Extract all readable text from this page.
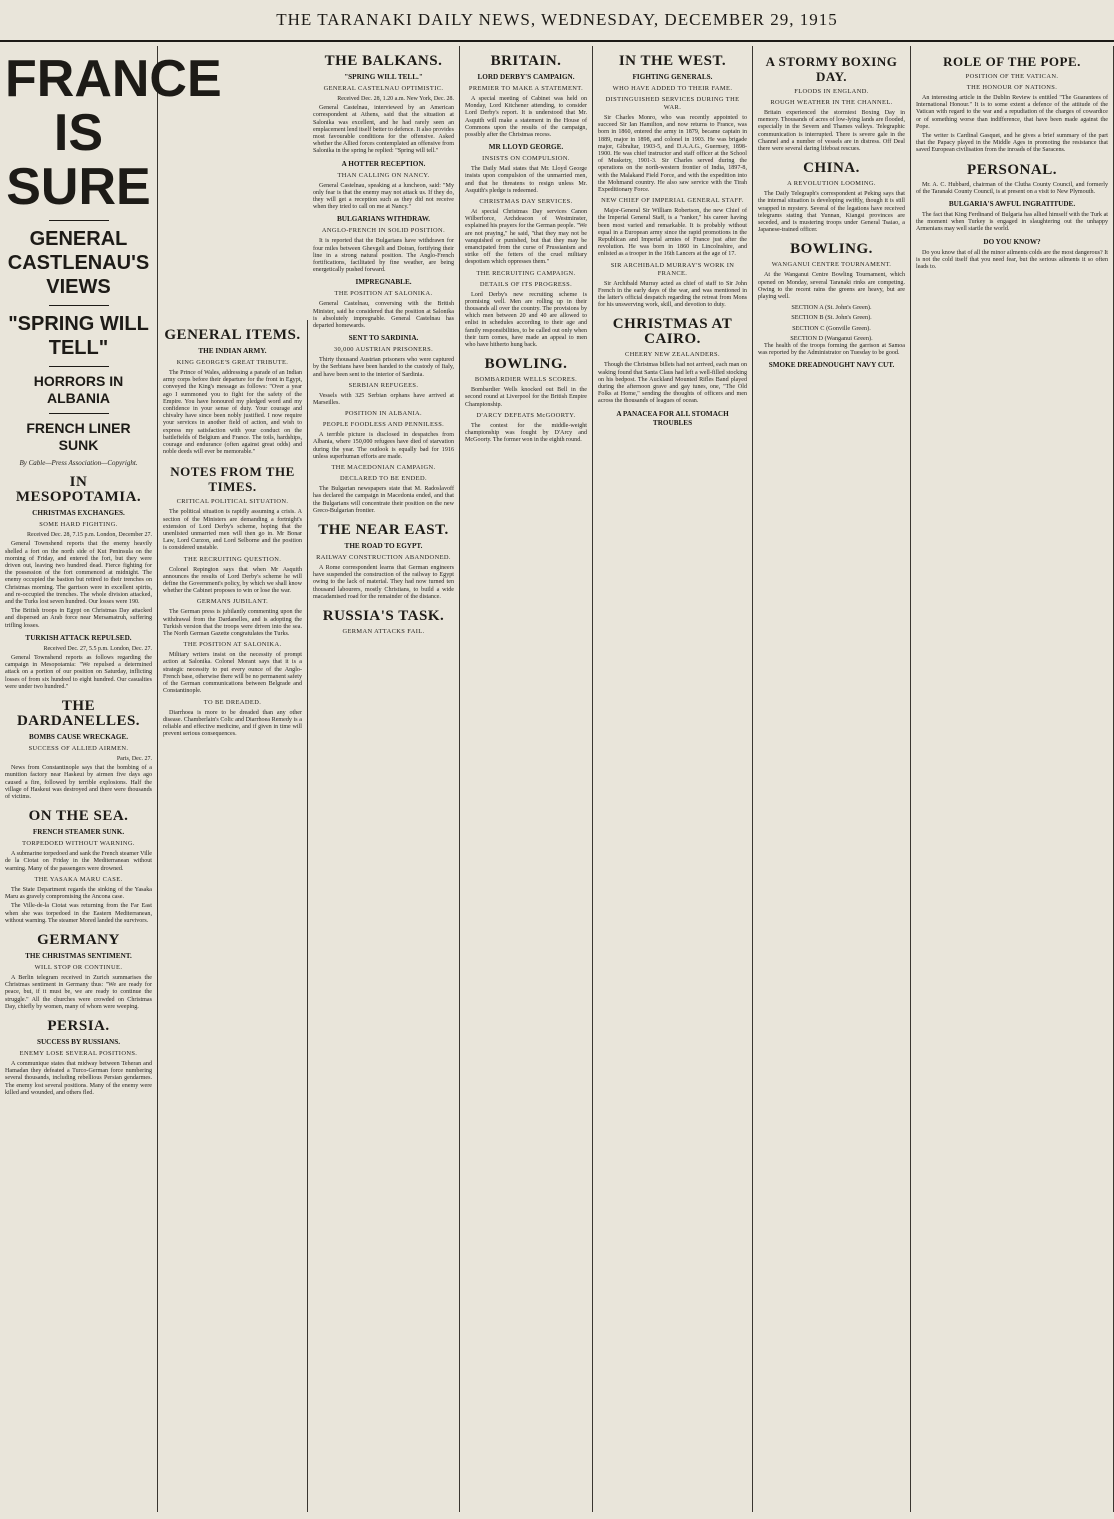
THE TARANAKI DAILY NEWS, WEDNESDAY, DECEMBER 29, 1915
FRANCE IS SURE
GENERAL CASTLENAU'S VIEWS
"SPRING WILL TELL"
HORRORS IN ALBANIA
FRENCH LINER SUNK
By Cable—Press Association—Copyright.
IN MESOPOTAMIA.
CHRISTMAS EXCHANGES.
SOME HARD FIGHTING.
Received Dec. 28, 7.15 p.m. London, December 27.

General Townshend reports that the enemy heavily shelled a fort on the north side of Kut Peninsula on the morning of Friday, and entered the fort, but they were driven out, leaving two hundred dead. Fierce fighting for the possession of the fort commenced at midnight. The enemy occupied the bastion but retired to their trenches on Christmas morning. The garrison were in excellent spirits, and re-occupied the trenches. The whole division attacked, and the Turks lost seven hundred. Our losses were 190.

The British troops in Egypt on Christmas Day attacked and dispersed an Arab force near Mersamatruh, suffering trifling losses.

TURKISH ATTACK REPULSED.
Received Dec. 27, 5.5 p.m. London, Dec. 27.

General Townshend reports as follows regarding the campaign in Mesopotamia: "We repulsed a determined attack on a portion of our position on Saturday, inflicting losses of from six hundred to eight hundred. Our casualties were under two hundred."

THE DARDANELLES.
BOMBS CAUSE WRECKAGE.
SUCCESS OF ALLIED AIRMEN.
Paris, Dec. 27.

News from Constantinople says that the bombing of a munition factory near Haskeui by airmen five days ago caused a fire, followed by terrible explosions. Half the village of Haskeui was destroyed and there were thousands of victims.

ON THE SEA.
FRENCH STEAMER SUNK.
TORPEDOED WITHOUT WARNING.

A submarine torpedoed and sank the French steamer Ville de la Ciotat on Friday in the Mediterranean without warning. Many of the passengers were drowned.

THE YASAKA MARU CASE.

The State Department regards the sinking of the Yasaka Maru as gravely compromising the Ancona case.

The Ville-de-la Ciotat was returning from the Far East when she was torpedoed in the Eastern Mediterranean, without warning. The steamer Mored landed the survivors.

GERMANY
THE CHRISTMAS SENTIMENT.
WILL STOP OR CONTINUE.

A Berlin telegram received in Zurich summarises the Christmas sentiment in Germany thus: "We are ready for peace, but, if it must be, we are ready to continue the struggle." All the churches were crowded on Christmas Day, chiefly by women, many of whom were weeping.

PERSIA.
SUCCESS BY RUSSIANS.
ENEMY LOSE SEVERAL POSITIONS.

A communique states that midway between Teheran and Hamadan they defeated a Turco-German force numbering several thousands, including rebellious Persian gendarmes. The enemy lost several positions. Many of the enemy were killed and wounded, and others fled.

GENERAL ITEMS.
THE INDIAN ARMY.
KING GEORGE'S GREAT TRIBUTE.

The Prince of Wales, addressing a parade of an Indian army corps before their departure for the front in Egypt, conveyed the King's message as follows: "Over a year ago I summoned you to fight for the safety of the Empire. You have honoured my pledged word and my confidence in your sense of duty. Your courage and chivalry have since been nobly justified. I now require your services in another field of action, and wish to express my satisfaction with your conduct on the battlefields of Belgium and France. The toils, hardships, courage and endurance (often against great odds) and noble deeds will ever be memorable."

NOTES FROM THE TIMES.
CRITICAL POLITICAL SITUATION.

The political situation is rapidly assuming a crisis. A section of the Ministers are demanding a fortnight's extension of Lord Derby's scheme, hoping that the unenlisted unmarried men will then go in. Mr Bonar Law, Lord Curzon, and Lord Selborne and the position is considered unstable.

THE RECRUITING QUESTION.

Colonel Repington says that when Mr Asquith announces the results of Lord Derby's scheme he will define the Government's policy, by which we shall know whether the Cabinet proposes to win or lose the war.

GERMANS JUBILANT.

The German press is jubilantly commenting upon the withdrawal from the Dardanelles, and is adopting the Turkish version that the troops were driven into the sea. The North German Gazette congratulates the Turks.

THE POSITION AT SALONIKA.

Military writers insist on the necessity of prompt action at Salonika. Colonel Morant says that it is a strategic necessity to put every ounce of the Anglo-French base, otherwise there will be no permanent safety of the German communications between Belgrade and Constantinople.

TO BE DREADED.

Diarrhoea is more to be dreaded than any other disease. Chamberlain's Colic and Diarrhoea Remedy is a reliable and effective medicine, and if given in time will prevent serious consequences.

THE BALKANS.
"SPRING WILL TELL."
GENERAL CASTELNAU OPTIMISTIC.
Received Dec. 28, 1.20 a.m. New York, Dec. 28.

General Castelnau, interviewed by an American correspondent at Athens, said that the situation at Salonika was excellent, and he had rarely seen an emplacement lend itself better to defence. It also provides most favourable conditions for the offensive. Asked whether the Allied forces contemplated an offensive from Salonika in the spring he replied: "Spring will tell."

A HOTTER RECEPTION.
THAN CALLING ON NANCY.

General Castelnau, speaking at a luncheon, said: "My only fear is that the enemy may not attack us. If they do, they will get a reception such as they did not receive when they tried to call on me at Nancy."

BULGARIANS WITHDRAW.
ANGLO-FRENCH IN SOLID POSITION.

It is reported that the Bulgarians have withdrawn for four miles between Ghevgeli and Doiran, fortifying their line in a strong natural position. The Anglo-French fortifications, facilitated by fine weather, are being energetically pushed forward.

IMPREGNABLE.
THE POSITION AT SALONIKA.

General Castelnau, conversing with the British Minister, said he considered that the position at Salonika is absolutely impregnable. General Castelnau has departed homewards.

SENT TO SARDINIA.
30,000 AUSTRIAN PRISONERS.

Thirty thousand Austrian prisoners who were captured by the Serbians have been handed to the custody of Italy, and have been sent to the interior of Sardinia.

SERBIAN REFUGEES.

Vessels with 325 Serbian orphans have arrived at Marseilles.

POSITION IN ALBANIA.
PEOPLE FOODLESS AND PENNILESS.

A terrible picture is disclosed in despatches from Albania, where 150,000 refugees have died of starvation during the year. The outlook is equally bad for 1916 unless superhuman efforts are made.

THE MACEDONIAN CAMPAIGN.
DECLARED TO BE ENDED.

The Bulgarian newspapers state that M. Radoslavoff has declared the campaign in Macedonia ended, and that the Bulgarians will concentrate their position on the new Greco-Bulgarian frontier.

THE NEAR EAST.
THE ROAD TO EGYPT.
RAILWAY CONSTRUCTION ABANDONED.

A Rome correspondent learns that German engineers have suspended the construction of the railway to Egypt owing to the lack of material. They had now turned ten thousand labourers, mostly Christians, to build a wide macadamised road for the remainder of the distance.

RUSSIA'S TASK.
GERMAN ATTACKS FAIL.
BRITAIN.
LORD DERBY'S CAMPAIGN.
PREMIER TO MAKE A STATEMENT.

A special meeting of Cabinet was held on Monday, Lord Kitchener attending, to consider Lord Derby's report. It is understood that Mr. Asquith will make a statement in the House of Commons upon the results of the campaign, possibly after the Christmas recess.

MR LLOYD GEORGE.
INSISTS ON COMPULSION.

The Daily Mail states that Mr. Lloyd George insists upon compulsion of the unmarried men, and that he threatens to resign unless Mr. Asquith's pledge is redeemed.

CHRISTMAS DAY SERVICES.

At special Christmas Day services Canon Wilberforce, Archdeacon of Westminster, explained his prayers for the German people. "We are not praying," he said, "that they may not be vanquished or punished, but that they may be emancipated from the curse of Prussianism and strike off the fetters of the cruel military despotism which oppresses them."

THE RECRUITING CAMPAIGN.
DETAILS OF ITS PROGRESS.

Lord Derby's new recruiting scheme is promising well. Men are rolling up in their thousands all over the country. The provisions by which men between 20 and 40 are allowed to enlist in schedules according to their age and family responsibilities, to be called out only when their turn comes, have made an appeal to men who have hitherto hung back.

BOWLING.
BOMBARDIER WELLS SCORES.

Bombardier Wells knocked out Bell in the second round at Liverpool for the British Empire Championship.

D'ARCY DEFEATS McGOORTY.

The contest for the middle-weight championship was fought by D'Arcy and McGoorty. The former won in the eighth round.

IN THE WEST.
FIGHTING GENERALS.
WHO HAVE ADDED TO THEIR FAME.
DISTINGUISHED SERVICES DURING THE WAR.

Sir Charles Monro, who was recently appointed to succeed Sir Ian Hamilton, and now returns to France, was born in 1860, entered the army in 1879, became captain in 1889, major in 1898, and colonel in 1903. He was brigade major, Gibraltar, 1903-5, and D.A.A.G., Guernsey, 1898-1900. He was chief instructor and staff officer at the School of Musketry, 1901-3. Sir Charles served during the operations on the north-western frontier of India, 1897-8, with the Malakand Field Force, and with the expedition into the Mohmand country. He also saw service with the Tirah Expeditionary Force.

NEW CHIEF OF IMPERIAL GENERAL STAFF.

Major-General Sir William Robertson, the new Chief of the Imperial General Staff, is a "ranker," his career having been most varied and remarkable. It is probably without equal in a European army since the rapid promotions in the Republican and Imperial armies of France just after the revolution. He was born in 1860 in Lincolnshire, and enlisted as a trooper in the 16th Lancers at the age of 17.

SIR ARCHIBALD MURRAY'S WORK IN FRANCE.

Sir Archibald Murray acted as chief of staff to Sir John French in the early days of the war, and was mentioned in the latter's official despatch regarding the retreat from Mons for his unswerving work, skill, and devotion to duty.

CHRISTMAS AT CAIRO.
CHEERY NEW ZEALANDERS.

Though the Christmas billets had not arrived, each man on waking found that Santa Claus had left a well-filled stocking on his bedpost. The Auckland Mounted Rifles Band played during the afternoon grave and gay tunes, one, "The Old Folks at Home," sending the thoughts of officers and men across the thousands of leagues of ocean.

A PANACEA FOR ALL STOMACH TROUBLES
A STORMY BOXING DAY.
FLOODS IN ENGLAND.
ROUGH WEATHER IN THE CHANNEL.

Britain experienced the stormiest Boxing Day in memory. Thousands of acres of low-lying lands are flooded, especially in the Severn and Thames valleys. Telegraphic communication is interrupted. There is severe gale in the Channel and a number of vessels are in distress. Off Deal there were several daring lifeboat rescues.

CHINA.
A REVOLUTION LOOMING.

The Daily Telegraph's correspondent at Peking says that the internal situation is developing swiftly, though it is still wrapped in mystery. Several of the legations have received telegrams stating that Yunnan, Kiangsi provinces are seceded, and is mustering troops under General Tsaiao, a Japanese-trained officer.

BOWLING.
WANGANUI CENTRE TOURNAMENT.

At the Wanganui Centre Bowling Tournament, which opened on Monday, several Taranaki rinks are competing. Owing to the recent rains the greens are heavy, but are playing well.

SECTION A (St. John's Green).
SECTION B (St. John's Green).
SECTION C (Gonville Green).
SECTION D (Wanganui Green).

The health of the troops forming the garrison at Samoa was reported by the Administrator on Tuesday to be good.

SMOKE DREADNOUGHT NAVY CUT.
ROLE OF THE POPE.
POSITION OF THE VATICAN.
THE HONOUR OF NATIONS.

An interesting article in the Dublin Review is entitled "The Guarantees of International Honour." It is to some extent a defence of the attitude of the Vatican with regard to the war and a repudiation of the charges of cowardice or of something worse than indifference, that have been made against the Pope.

The writer is Cardinal Gasquet, and he gives a brief summary of the part that the Papacy played in the Middle Ages in promoting the resistance that saved European civilisation from the inroads of the Saracens.

PERSONAL.

Mr. A. C. Hubbard, chairman of the Clutha County Council, and formerly of the Taranaki County Council, is at present on a visit to New Plymouth.

BULGARIA'S AWFUL INGRATITUDE.

The fact that King Ferdinand of Bulgaria has allied himself with the Turk at the moment when Turkey is engaged in slaughtering out the unhappy Armenians may well startle the world.

DO YOU KNOW?

Do you know that of all the minor ailments colds are the most dangerous? It is not the cold itself that you need fear, but the serious ailments it so often leads to.
